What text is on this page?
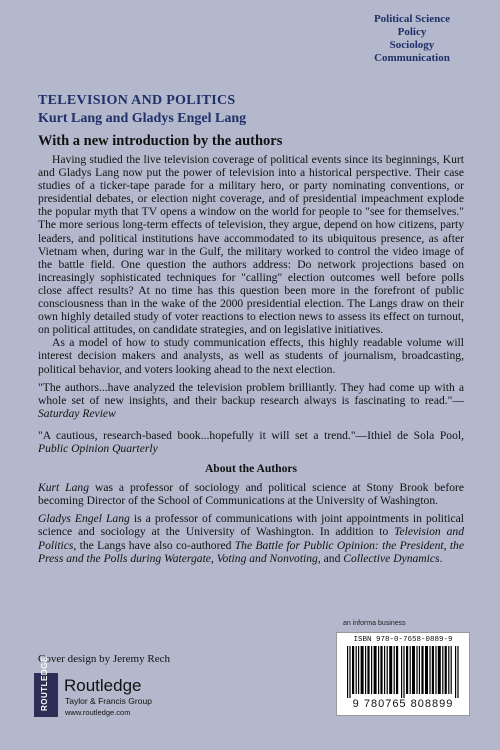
Political Science
Policy
Sociology
Communication
TELEVISION AND POLITICS
Kurt Lang and Gladys Engel Lang
With a new introduction by the authors

Having studied the live television coverage of political events since its beginnings, Kurt and Gladys Lang now put the power of television into a historical perspective. Their case studies of a ticker-tape parade for a military hero, or party nominating conventions, or presidential debates, or election night coverage, and of presidential impeachment explode the popular myth that TV opens a window on the world for people to "see for themselves." The more serious long-term effects of television, they argue, depend on how citizens, party leaders, and political institutions have accommodated to its ubiquitous presence, as after Vietnam when, during war in the Gulf, the military worked to control the video image of the battle field. One question the authors address: Do network projections based on increasingly sophisticated techniques for "calling" election outcomes well before polls close affect results? At no time has this question been more in the forefront of public consciousness than in the wake of the 2000 presidential election. The Langs draw on their own highly detailed study of voter reactions to election news to assess its effect on turnout, on political attitudes, on candidate strategies, and on legislative initiatives.

As a model of how to study communication effects, this highly readable volume will interest decision makers and analysts, as well as students of journalism, broadcasting, political behavior, and voters looking ahead to the next election.

"The authors...have analyzed the television problem brilliantly. They had come up with a whole set of new insights, and their backup research always is fascinating to read."—Saturday Review

"A cautious, research-based book...hopefully it will set a trend."—Ithiel de Sola Pool, Public Opinion Quarterly

About the Authors

Kurt Lang was a professor of sociology and political science at Stony Brook before becoming Director of the School of Communications at the University of Washington.

Gladys Engel Lang is a professor of communications with joint appointments in political science and sociology at the University of Washington. In addition to Television and Politics, the Langs have also co-authored The Battle for Public Opinion: the President, the Press and the Polls during Watergate, Voting and Nonvoting, and Collective Dynamics.

an informa business
ISBN 978-0-7658-0889-9
9 780765 808899
Cover design by Jeremy Rech
ROUTLEDGE Routledge
Taylor & Francis Group
www.routledge.com
